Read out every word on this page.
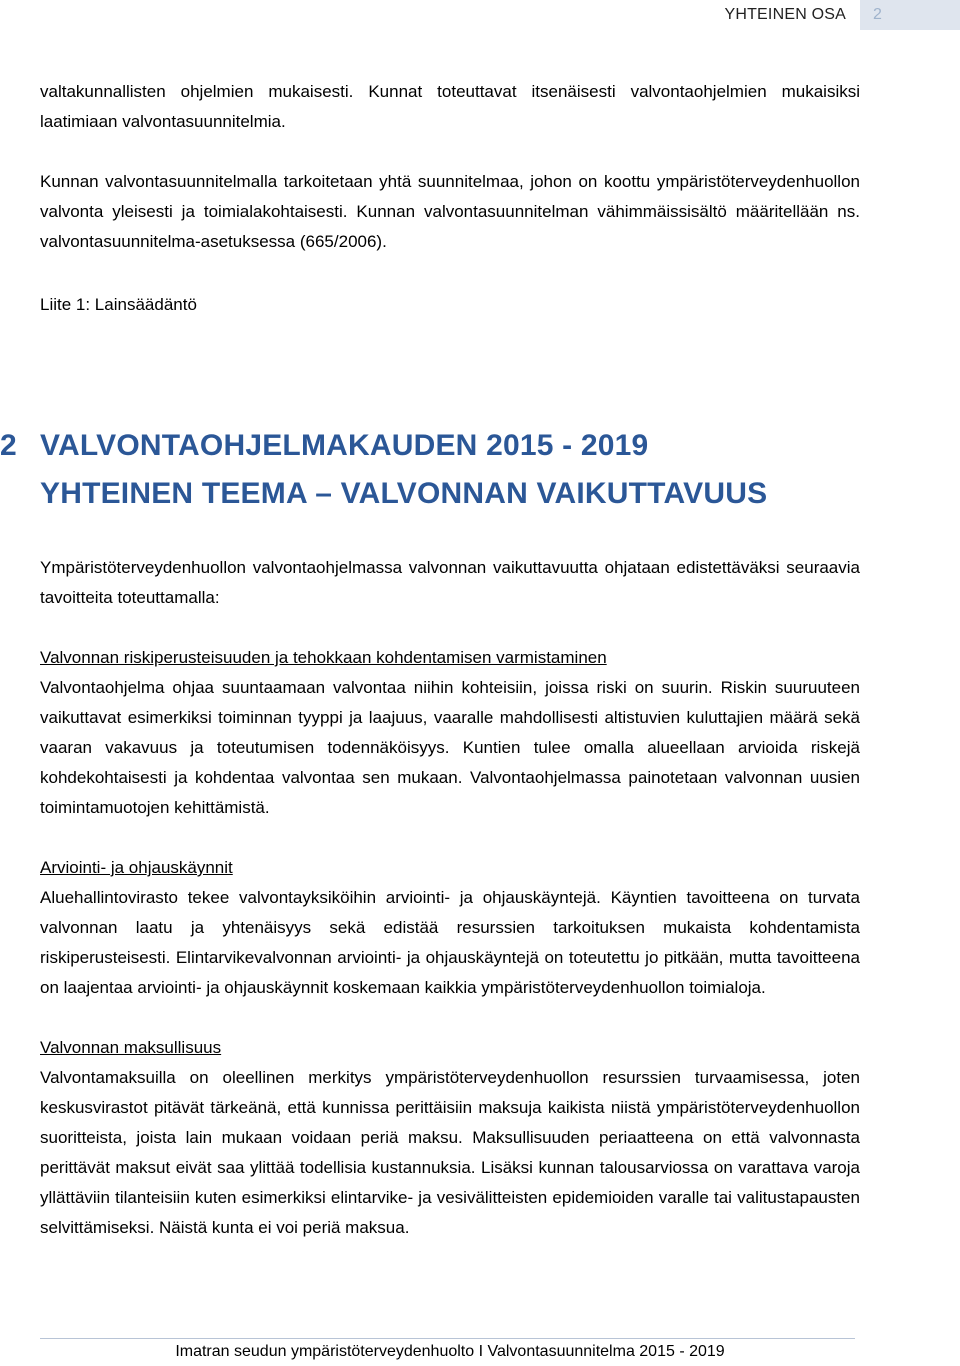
YHTEINEN OSA	2

valtakunnallisten ohjelmien mukaisesti. Kunnat toteuttavat itsenäisesti valvontaohjelmien mukaisiksi laatimiaan valvontasuunnitelmia.

Kunnan valvontasuunnitelmalla tarkoitetaan yhtä suunnitelmaa, johon on koottu ympäristöterveydenhuollon valvonta yleisesti ja toimialakohtaisesti. Kunnan valvontasuunnitelman vähimmäissisältö määritellään ns. valvontasuunnitelma-asetuksessa (665/2006).

Liite 1: Lainsäädäntö

2 VALVONTAOHJELMAKAUDEN 2015 - 2019
YHTEINEN TEEMA – VALVONNAN VAIKUTTAVUUS

Ympäristöterveydenhuollon valvontaohjelmassa valvonnan vaikuttavuutta ohjataan edistettäväksi seuraavia tavoitteita toteuttamalla:

Valvonnan riskiperusteisuuden ja tehokkaan kohdentamisen varmistaminen

Valvontaohjelma ohjaa suuntaamaan valvontaa niihin kohteisiin, joissa riski on suurin. Riskin suuruuteen vaikuttavat esimerkiksi toiminnan tyyppi ja laajuus, vaaralle mahdollisesti altistuvien kuluttajien määrä sekä vaaran vakavuus ja toteutumisen todennäköisyys. Kuntien tulee omalla alueellaan arvioida riskejä kohdekohtaisesti ja kohdentaa valvontaa sen mukaan. Valvontaohjelmassa painotetaan valvonnan uusien toimintamuotojen kehittämistä.

Arviointi- ja ohjauskäynnit

Aluehallintovirasto tekee valvontayksiköihin arviointi- ja ohjauskäyntejä. Käyntien tavoitteena on turvata valvonnan laatu ja yhtenäisyys sekä edistää resurssien tarkoituksen mukaista kohdentamista riskiperusteisesti. Elintarvikevalvonnan arviointi- ja ohjauskäyntejä on toteutettu jo pitkään, mutta tavoitteena on laajentaa arviointi- ja ohjauskäynnit koskemaan kaikkia ympäristöterveydenhuollon toimialoja.

Valvonnan maksullisuus

Valvontamaksuilla on oleellinen merkitys ympäristöterveydenhuollon resurssien turvaamisessa, joten keskusvirastot pitävät tärkeänä, että kunnissa perittäisiin maksuja kaikista niistä ympäristöterveydenhuollon suoritteista, joista lain mukaan voidaan periä maksu. Maksullisuuden periaatteena on että valvonnasta perittävät maksut eivät saa ylittää todellisia kustannuksia. Lisäksi kunnan talousarviossa on varattava varoja yllättäviin tilanteisiin kuten esimerkiksi elintarvike- ja vesivälitteisten epidemioiden varalle tai valitustapausten selvittämiseksi. Näistä kunta ei voi periä maksua.

Imatran seudun ympäristöterveydenhuolto I Valvontasuunnitelma 2015 - 2019
